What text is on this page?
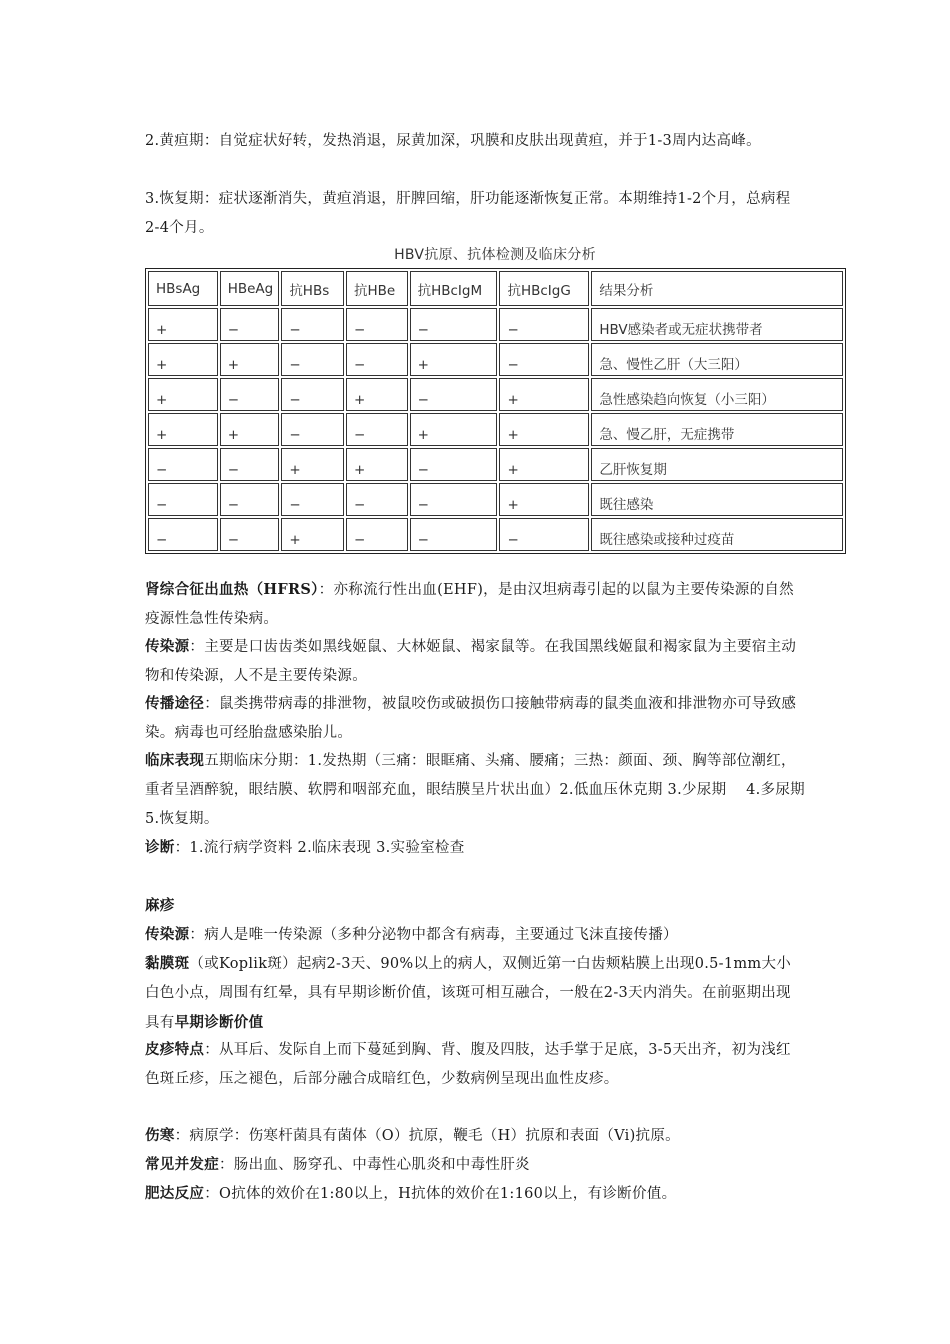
2.黄疸期：自觉症状好转，发热消退，尿黄加深，巩膜和皮肤出现黄疸，并于1-3周内达高峰。
3.恢复期：症状逐渐消失，黄疸消退，肝脾回缩，肝功能逐渐恢复正常。本期维持1-2个月，总病程2-4个月。
HBV抗原、抗体检测及临床分析
HBsAg	HBeAg	抗HBs	抗HBe	抗HBcIgM	抗HBcIgG	结果分析
+	−	−	−	−	−	HBV感染者或无症状携带者
+	+	−	−	+	−	急、慢性乙肝（大三阳）
+	−	−	+	−	+	急性感染趋向恢复（小三阳）
+	+	−	−	+	+	急、慢乙肝，无症携带
−	−	+	+	−	+	乙肝恢复期
−	−	−	−	−	+	既往感染
−	−	+	−	−	−	既往感染或接种过疫苗
肾综合征出血热（HFRS）：亦称流行性出血(EHF)，是由汉坦病毒引起的以鼠为主要传染源的自然疫源性急性传染病。
传染源：主要是口齿齿类如黑线姬鼠、大林姬鼠、褐家鼠等。在我国黑线姬鼠和褐家鼠为主要宿主动物和传染源，人不是主要传染源。
传播途径：鼠类携带病毒的排泄物，被鼠咬伤或破损伤口接触带病毒的鼠类血液和排泄物亦可导致感染。病毒也可经胎盘感染胎儿。
临床表现五期临床分期：1.发热期（三痛：眼眶痛、头痛、腰痛；三热：颜面、颈、胸等部位潮红，重者呈酒醉貌，眼结膜、软腭和咽部充血，眼结膜呈片状出血）2.低血压休克期 3.少尿期　 4.多尿期　5.恢复期。
诊断：1.流行病学资料 2.临床表现 3.实验室检查
麻疹
传染源：病人是唯一传染源（多种分泌物中都含有病毒，主要通过飞沫直接传播）
黏膜斑（或Koplik斑）起病2-3天、90%以上的病人，双侧近第一白齿颊粘膜上出现0.5-1mm大小白色小点，周围有红晕，具有早期诊断价值，该斑可相互融合，一般在2-3天内消失。在前驱期出现 具有早期诊断价值
皮疹特点：从耳后、发际自上而下蔓延到胸、背、腹及四肢，达手掌于足底，3-5天出齐，初为浅红色斑丘疹，压之褪色，后部分融合成暗红色，少数病例呈现出血性皮疹。
伤寒：病原学：伤寒杆菌具有菌体（O）抗原，鞭毛（H）抗原和表面（Vi)抗原。
常见并发症：肠出血、肠穿孔、中毒性心肌炎和中毒性肝炎
肥达反应：O抗体的效价在1:80以上，H抗体的效价在1:160以上，有诊断价值。
